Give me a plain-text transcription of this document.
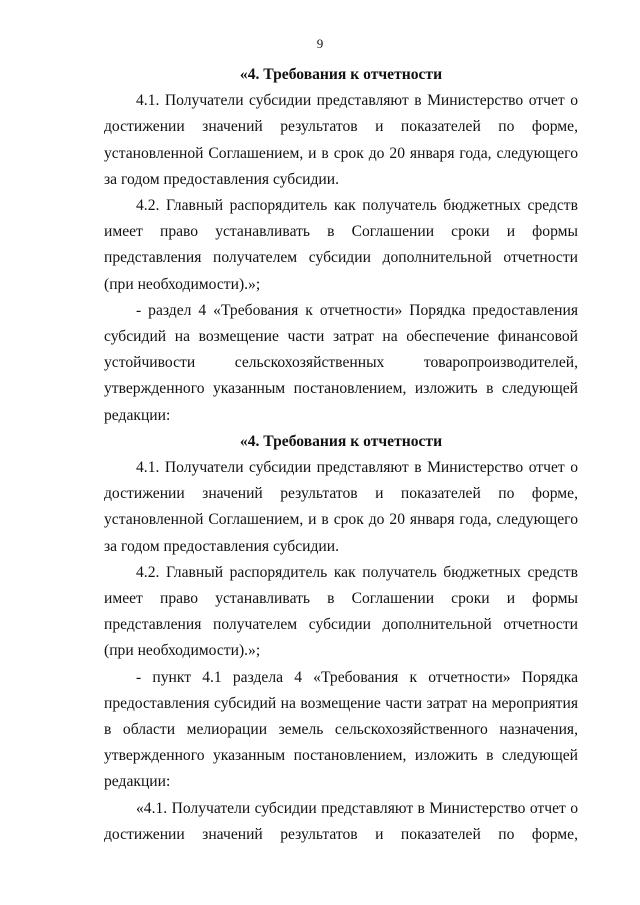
9
«4. Требования к отчетности
4.1. Получатели субсидии представляют в Министерство отчет о достижении значений результатов и показателей по форме, установленной Соглашением, и в срок до 20 января года, следующего за годом предоставления субсидии.
4.2. Главный распорядитель как получатель бюджетных средств имеет право устанавливать в Соглашении сроки и формы представления получателем субсидии дополнительной отчетности (при необходимости).»;
- раздел 4 «Требования к отчетности» Порядка предоставления субсидий на возмещение части затрат на обеспечение финансовой устойчивости сельскохозяйственных товаропроизводителей, утвержденного указанным постановлением, изложить в следующей редакции:
«4. Требования к отчетности
4.1. Получатели субсидии представляют в Министерство отчет о достижении значений результатов и показателей по форме, установленной Соглашением, и в срок до 20 января года, следующего за годом предоставления субсидии.
4.2. Главный распорядитель как получатель бюджетных средств имеет право устанавливать в Соглашении сроки и формы представления получателем субсидии дополнительной отчетности (при необходимости).»;
- пункт 4.1 раздела 4 «Требования к отчетности» Порядка предоставления субсидий на возмещение части затрат на мероприятия в области мелиорации земель сельскохозяйственного назначения, утвержденного указанным постановлением, изложить в следующей редакции:
«4.1. Получатели субсидии представляют в Министерство отчет о достижении значений результатов и показателей по форме,
